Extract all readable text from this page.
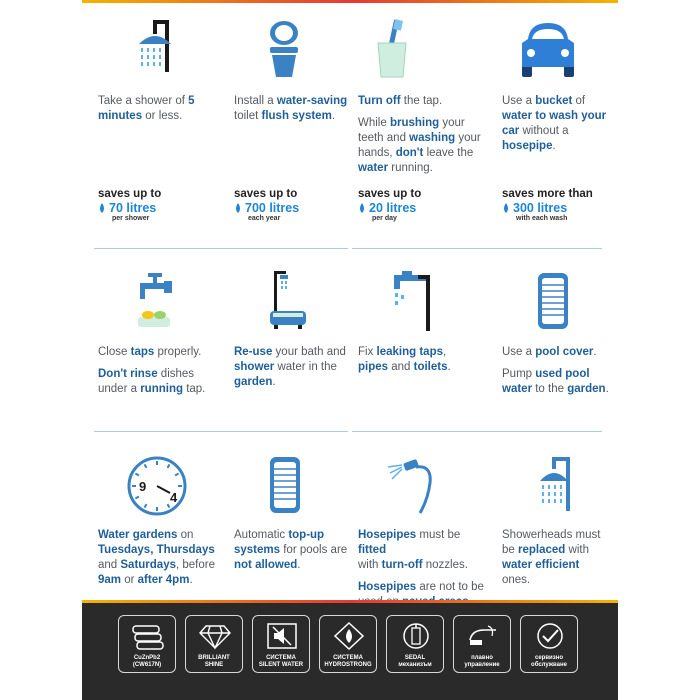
Take a shower of 5
minutes or less.
saves up to
70 litres
per shower
Install a water-saving
toilet flush system.
saves up to
700 litres
each year
Turn off the tap.
While brushing your
teeth and washing your
hands, don't leave the
water running.
saves up to
20 litres
per day
Use a bucket of
water to wash your
car without a
hosepipe.
saves more than
300 litres
with each wash
Close taps properly.
Don't rinse dishes
under a running tap.
Re-use your bath and
shower water in the
garden.
Fix leaking taps,
pipes and toilets.
Use a pool cover.
Pump used pool
water to the garden.
9
4
Water gardens on
Tuesdays, Thursdays
and Saturdays, before
9am or after 4pm.
Automatic top-up
systems for pools are
not allowed.
Hosepipes must be fitted
with turn-off nozzles.
Hosepipes are not to be
Showerheads must
be replaced with
water efficient
ones.
CuZnPb2
(CW617N)
BRILLIANT
SHINE
СИСТЕМА
SILENT WATER
СИСТЕМА
HYDROSTRONG
SEDAL
механизъм
плавно
управление
сервизно
обслужване
